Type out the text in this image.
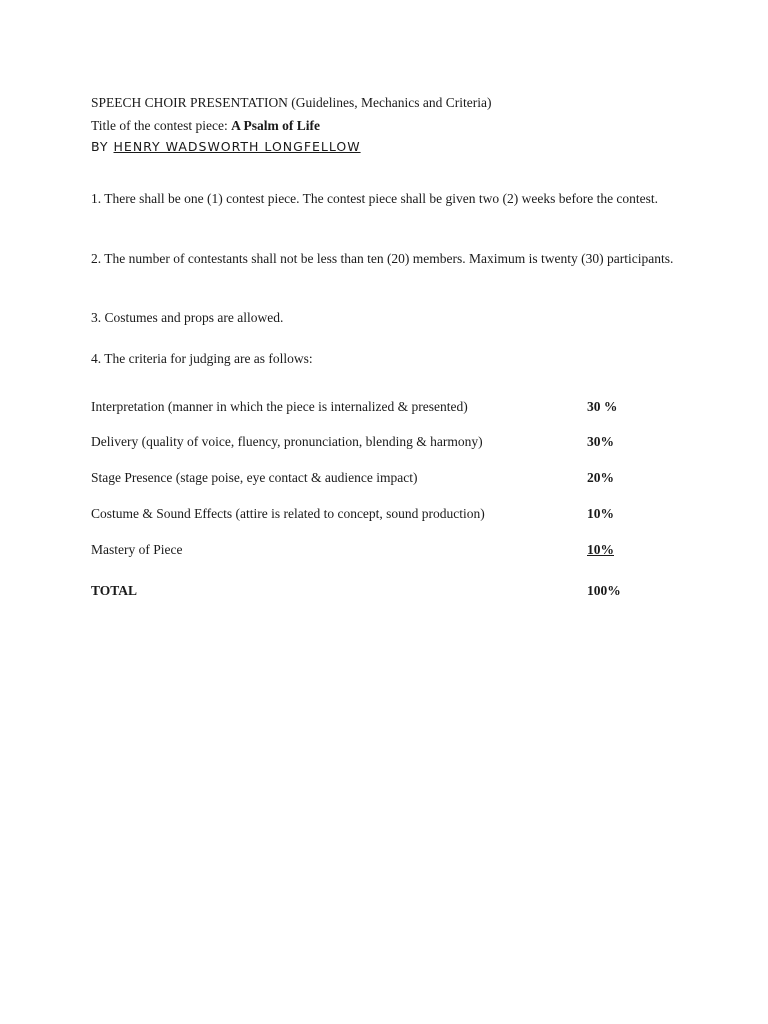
SPEECH CHOIR PRESENTATION (Guidelines, Mechanics and Criteria)
Title of the contest piece: A Psalm of Life
BY HENRY WADSWORTH LONGFELLOW
1. There shall be one (1) contest piece. The contest piece shall be given two (2) weeks before the contest.
2. The number of contestants shall not be less than ten (20) members. Maximum is twenty (30) participants.
3. Costumes and props are allowed.
4. The criteria for judging are as follows:
Interpretation (manner in which the piece is internalized & presented)	30 %
Delivery (quality of voice, fluency, pronunciation, blending & harmony)	30%
Stage Presence (stage poise, eye contact & audience impact)	20%
Costume & Sound Effects (attire is related to concept, sound production)	10%
Mastery of Piece	10%
TOTAL	100%
